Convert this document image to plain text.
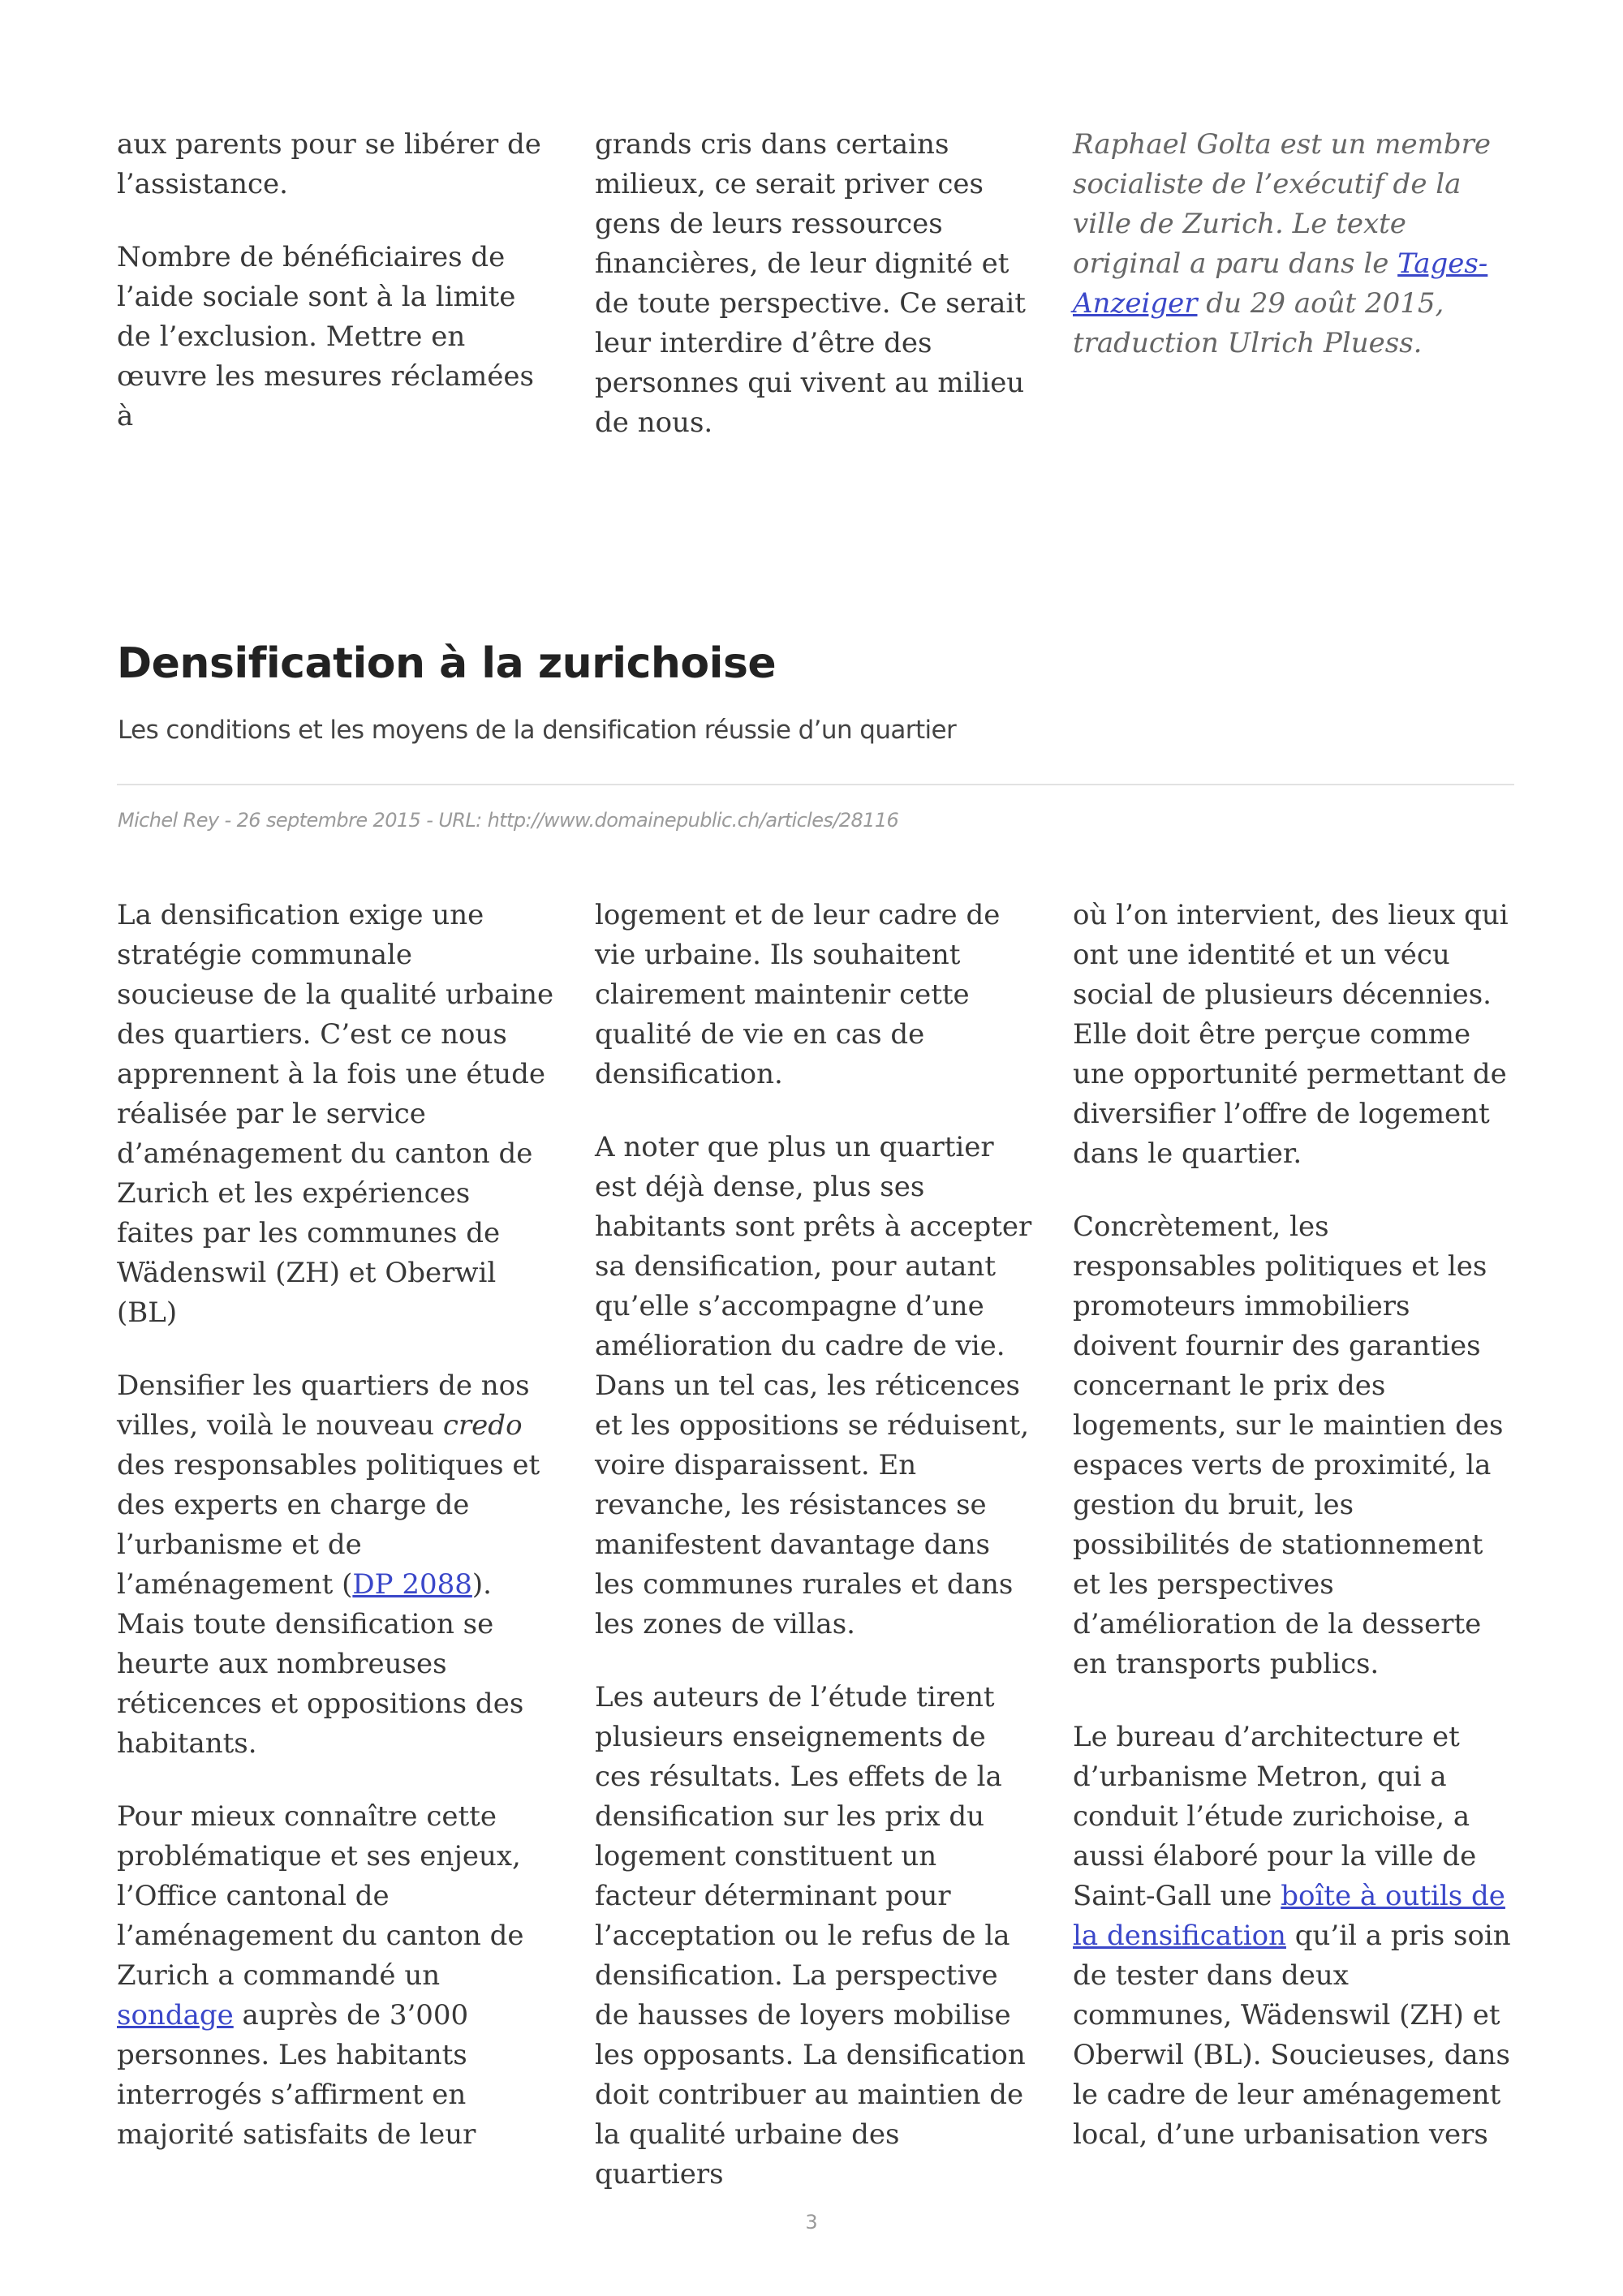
aux parents pour se libérer de l’assistance.

Nombre de bénéficiaires de l’aide sociale sont à la limite de l’exclusion. Mettre en œuvre les mesures réclamées à

grands cris dans certains milieux, ce serait priver ces gens de leurs ressources financières, de leur dignité et de toute perspective. Ce serait leur interdire d’être des personnes qui vivent au milieu de nous.

Raphael Golta est un membre socialiste de l’exécutif de la ville de Zurich. Le texte original a paru dans le Tages-Anzeiger du 29 août 2015, traduction Ulrich Pluess.

Densification à la zurichoise

Les conditions et les moyens de la densification réussie d’un quartier

Michel Rey - 26 septembre 2015 - URL: http://www.domainepublic.ch/articles/28116

La densification exige une stratégie communale soucieuse de la qualité urbaine des quartiers. C’est ce nous apprennent à la fois une étude réalisée par le service d’aménagement du canton de Zurich et les expériences faites par les communes de Wädenswil (ZH) et Oberwil (BL)

Densifier les quartiers de nos villes, voilà le nouveau credo des responsables politiques et des experts en charge de l’urbanisme et de l’aménagement (DP 2088). Mais toute densification se heurte aux nombreuses réticences et oppositions des habitants.

Pour mieux connaître cette problématique et ses enjeux, l’Office cantonal de l’aménagement du canton de Zurich a commandé un sondage auprès de 3’000 personnes. Les habitants interrogés s’affirment en majorité satisfaits de leur

logement et de leur cadre de vie urbaine. Ils souhaitent clairement maintenir cette qualité de vie en cas de densification.

A noter que plus un quartier est déjà dense, plus ses habitants sont prêts à accepter sa densification, pour autant qu’elle s’accompagne d’une amélioration du cadre de vie. Dans un tel cas, les réticences et les oppositions se réduisent, voire disparaissent. En revanche, les résistances se manifestent davantage dans les communes rurales et dans les zones de villas.

Les auteurs de l’étude tirent plusieurs enseignements de ces résultats. Les effets de la densification sur les prix du logement constituent un facteur déterminant pour l’acceptation ou le refus de la densification. La perspective de hausses de loyers mobilise les opposants. La densification doit contribuer au maintien de la qualité urbaine des quartiers

où l’on intervient, des lieux qui ont une identité et un vécu social de plusieurs décennies. Elle doit être perçue comme une opportunité permettant de diversifier l’offre de logement dans le quartier.

Concrètement, les responsables politiques et les promoteurs immobiliers doivent fournir des garanties concernant le prix des logements, sur le maintien des espaces verts de proximité, la gestion du bruit, les possibilités de stationnement et les perspectives d’amélioration de la desserte en transports publics.

Le bureau d’architecture et d’urbanisme Metron, qui a conduit l’étude zurichoise, a aussi élaboré pour la ville de Saint-Gall une boîte à outils de la densification qu’il a pris soin de tester dans deux communes, Wädenswil (ZH) et Oberwil (BL). Soucieuses, dans le cadre de leur aménagement local, d’une urbanisation vers

3
